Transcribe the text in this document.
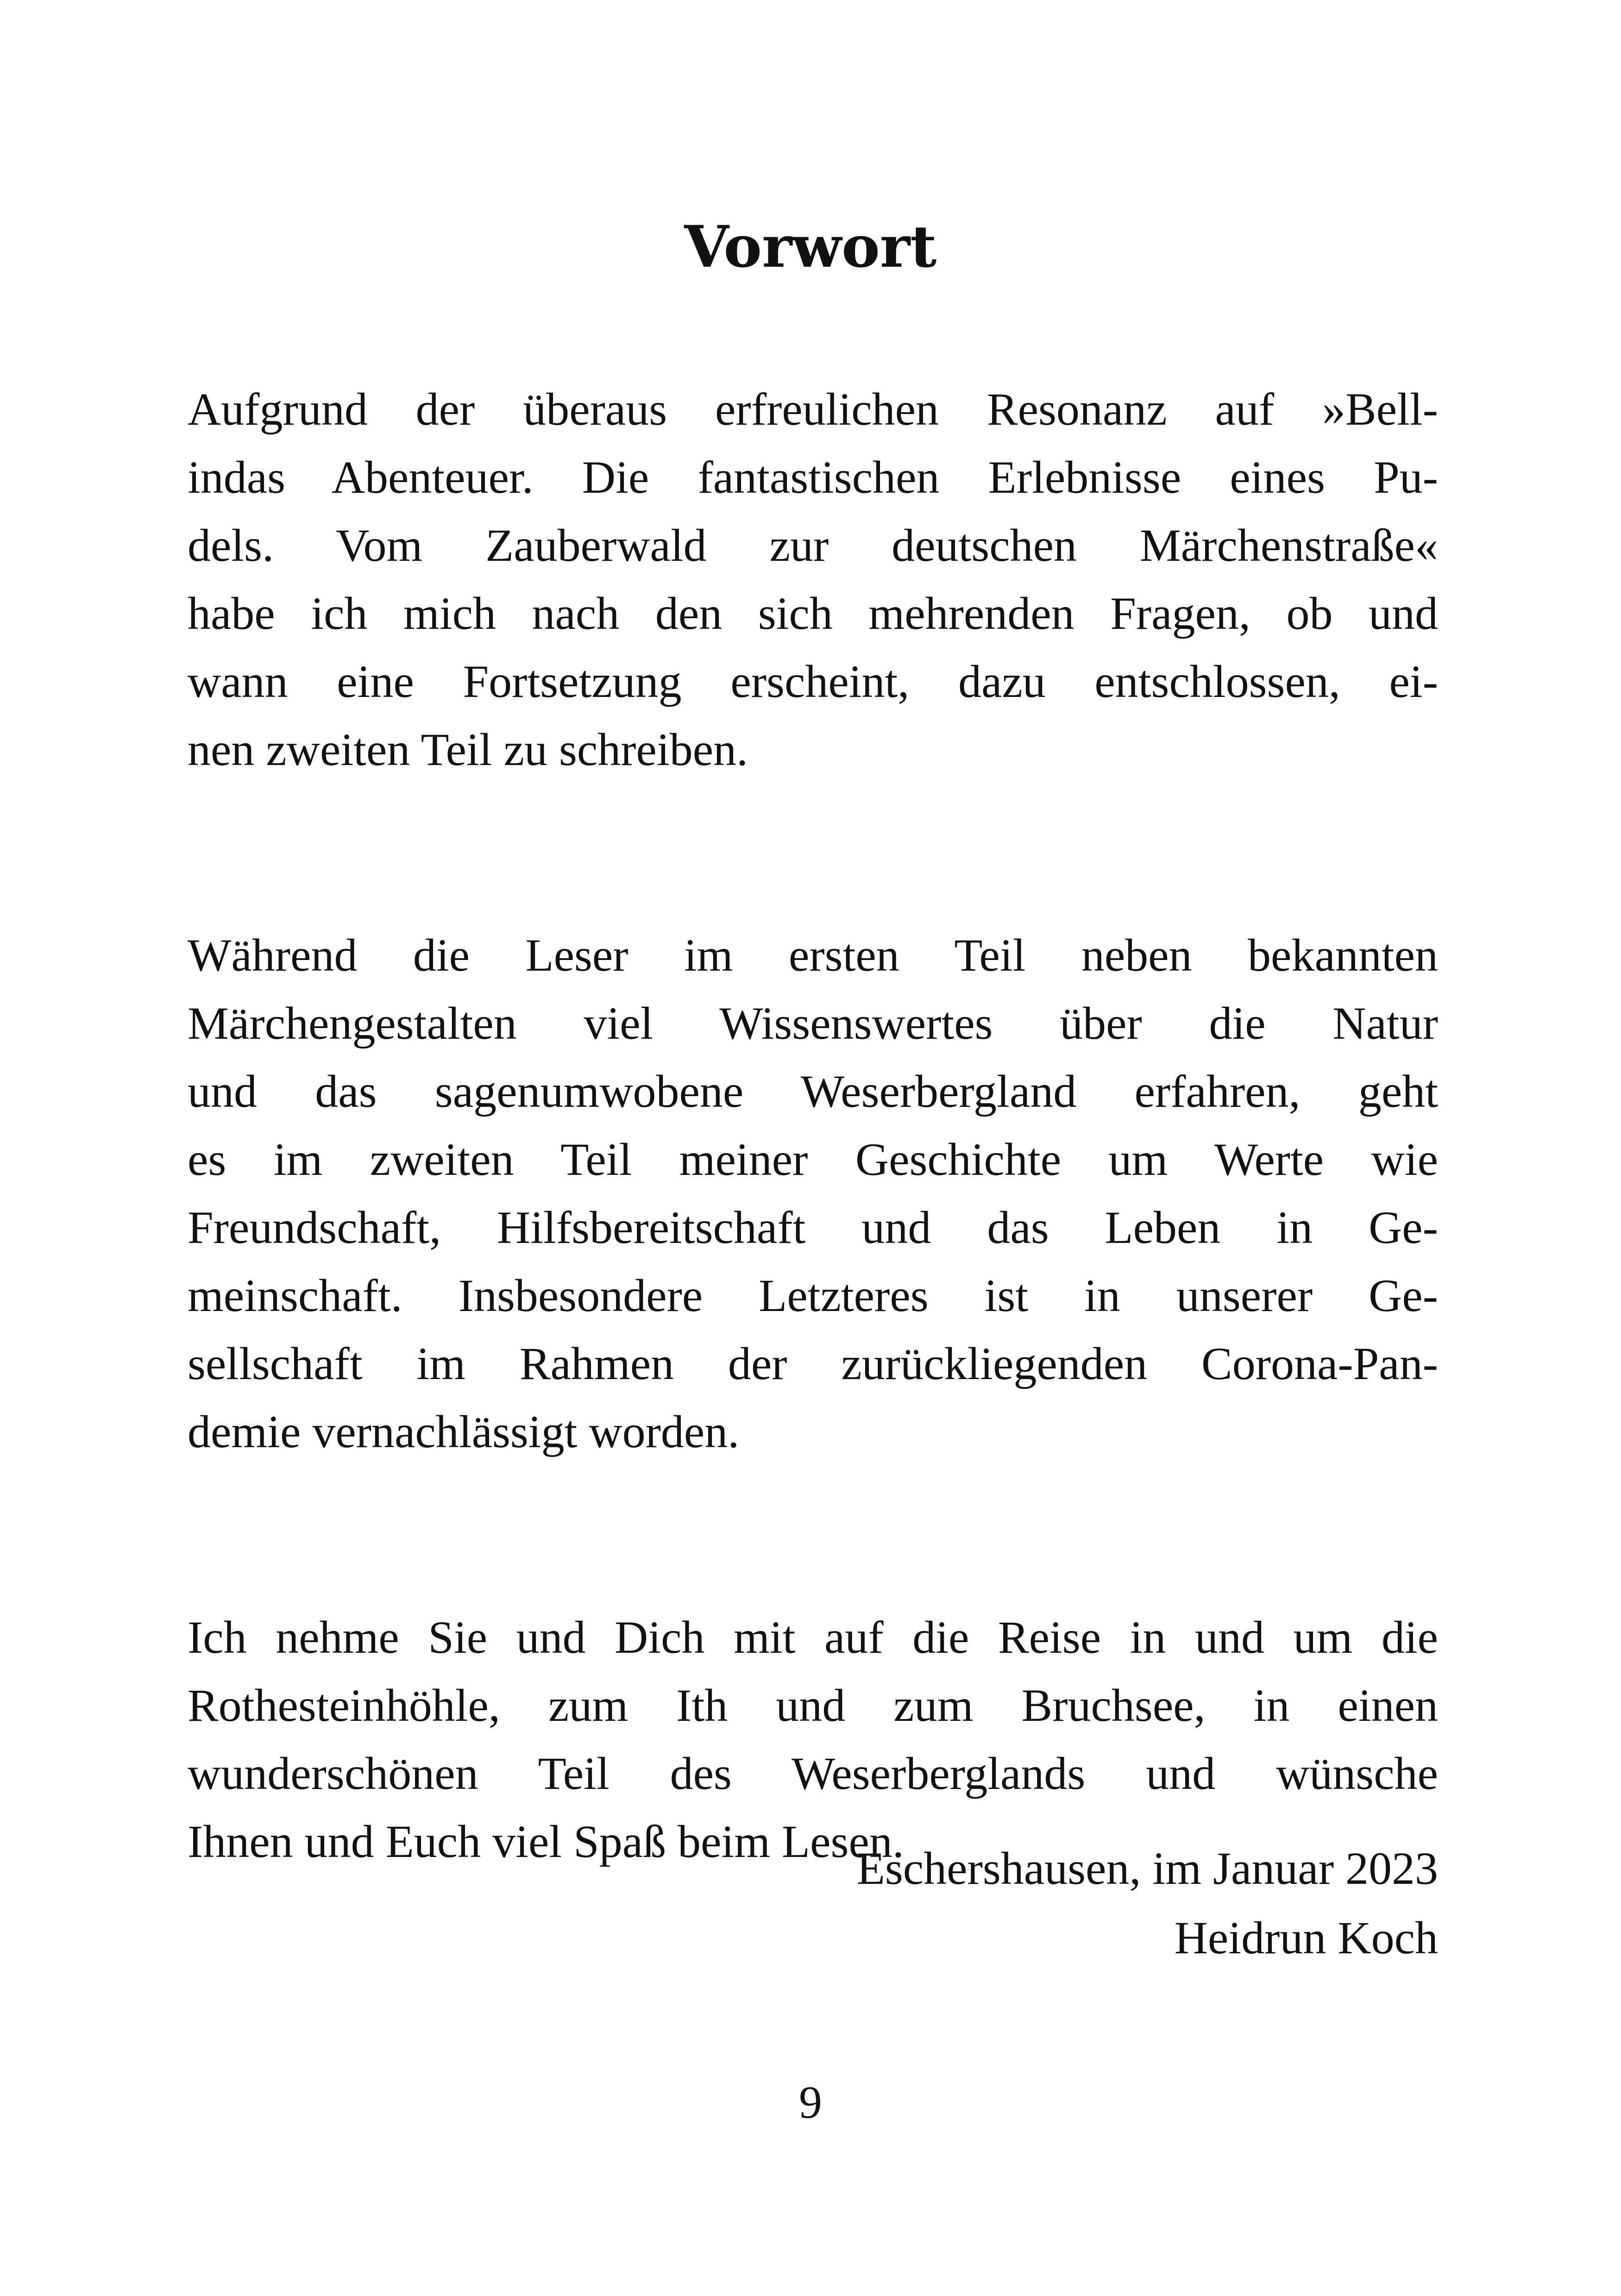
Vorwort
Aufgrund der überaus erfreulichen Resonanz auf »Bell-
indas Abenteuer. Die fantastischen Erlebnisse eines Pu-
dels. Vom Zauberwald zur deutschen Märchenstraße«
habe ich mich nach den sich mehrenden Fragen, ob und
wann eine Fortsetzung erscheint, dazu entschlossen, ei-
nen zweiten Teil zu schreiben.
Während die Leser im ersten Teil neben bekannten
Märchengestalten viel Wissenswertes über die Natur
und das sagenumwobene Weserbergland erfahren, geht
es im zweiten Teil meiner Geschichte um Werte wie
Freundschaft, Hilfsbereitschaft und das Leben in Ge-
meinschaft. Insbesondere Letzteres ist in unserer Ge-
sellschaft im Rahmen der zurückliegenden Corona-Pan-
demie vernachlässigt worden.
Ich nehme Sie und Dich mit auf die Reise in und um die
Rothesteinhöhle, zum Ith und zum Bruchsee, in einen
wunderschönen Teil des Weserberglands und wünsche
Ihnen und Euch viel Spaß beim Lesen.
Eschershausen, im Januar 2023
Heidrun Koch
9
